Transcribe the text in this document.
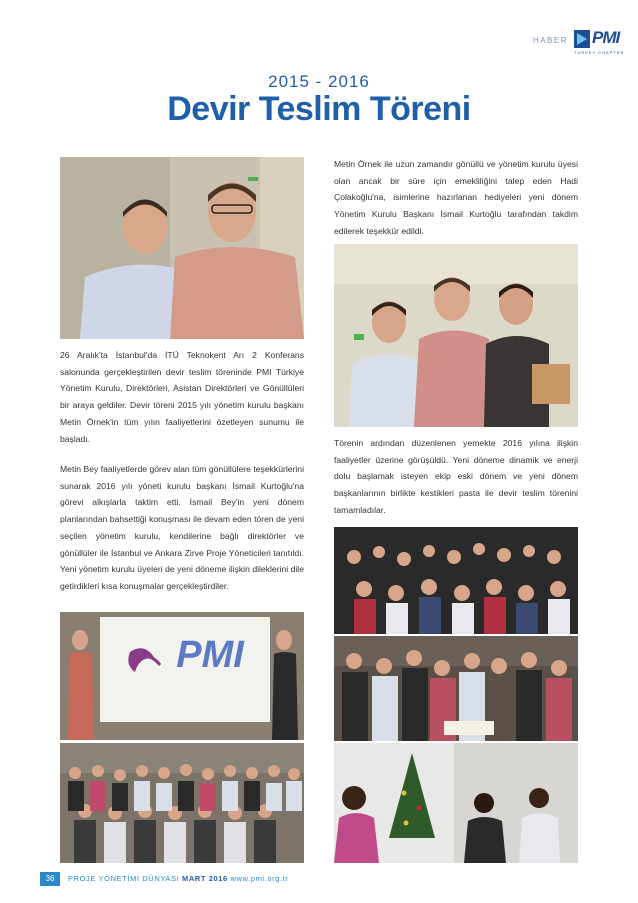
HABER PMI
TURKEY CHAPTER
2015 - 2016
Devir Teslim Töreni
26 Aralık'ta İstanbul'da İTÜ Teknokent Arı 2 Konferans salonunda gerçekleştirilen devir teslim töreninde PMI Türkiye Yönetim Kurulu, Direktörleri, Asistan Direktörleri ve Gönüllüleri bir araya geldiler. Devir töreni 2015 yılı yönetim kurulu başkanı Metin Örnek'in tüm yılın faaliyetlerini özetleyen sunumu ile başladı.
Metin Bey faaliyetlerde görev alan tüm gönüllülere teşekkürlerini sunarak 2016 yılı yöneti kurulu başkanı İsmail Kurtoğlu'na görevi alkışlarla taktim etti. İsmail Bey'in yeni dönem planlarından bahsettiği konuşması ile devam eden tören de yeni seçilen yönetim kurulu, kendilerine bağlı direktörler ve gönüllüler ile İstanbul ve Ankara Zirve Proje Yöneticileri tanıtıldı. Yeni yönetim kurulu üyeleri de yeni döneme ilişkin dileklerini dile getirdikleri kısa konuşmalar gerçekleştirdiler.
Metin Örnek ile uzun zamandır gönüllü ve yönetim kurulu üyesi olan ancak bir süre için emekliliğini talep eden Hadi Çolakoğlu'na, isimlerine hazırlanan hediyeleri yeni dönem Yönetim Kurulu Başkanı İsmail Kurtoğlu tarafından takdim edilerek teşekkür edildi.
Törenin ardından düzenlenen yemekte 2016 yılına ilişkin faaliyetler üzerine görüşüldü. Yeni döneme dinamik ve enerji dolu başlamak isteyen ekip eski dönem ve yeni dönem başkanlarının birlikte kestikleri pasta ile devir teslim törenini tamamladılar.
PMI
36	PROJE YÖNETİMİ DÜNYASI MART 2016 www.pmi.org.tr
